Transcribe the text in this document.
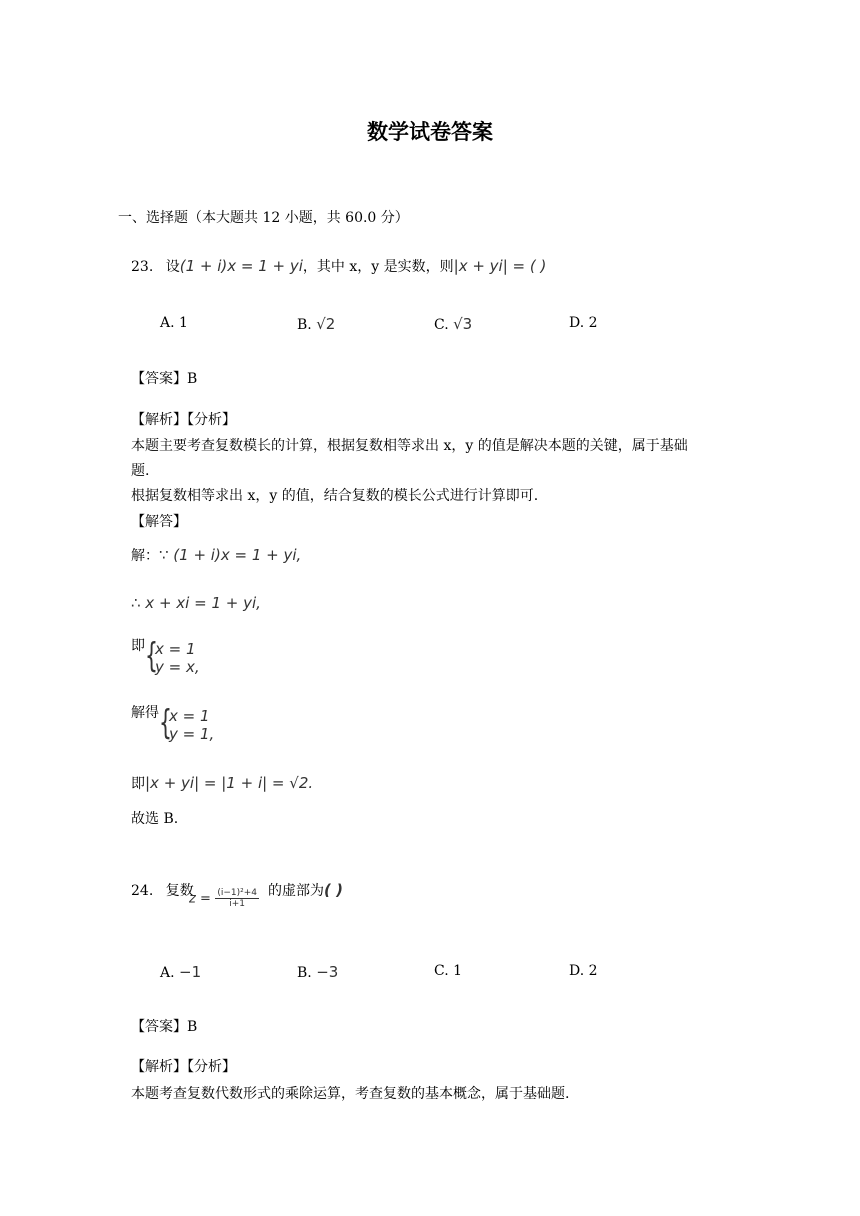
数学试卷答案
一、选择题（本大题共 12 小题，共 60.0 分）
23. 设(1 + i)x = 1 + yi，其中 x，y 是实数，则|x + yi| = ( )
A. 1	B. √2	C. √3	D. 2
【答案】B
【解析】【分析】
本题主要考查复数模长的计算，根据复数相等求出 x，y 的值是解决本题的关键，属于基础
题.
根据复数相等求出 x，y 的值，结合复数的模长公式进行计算即可.
【解答】
解：∵ (1 + i)x = 1 + yi,
∴ x + xi = 1 + yi,
即 {
x = 1
y = x,
解得 {
x = 1
y = 1,
即|x + yi| = |1 + i| = √2.
故选 B.
24. 复数
$z = \frac{\text{(i−1)²+4}}{i+1}$ 的虚部为( )
A. −1	B. −3	C. 1	D. 2
【答案】B
【解析】【分析】
本题考查复数代数形式的乘除运算，考查复数的基本概念，属于基础题.
